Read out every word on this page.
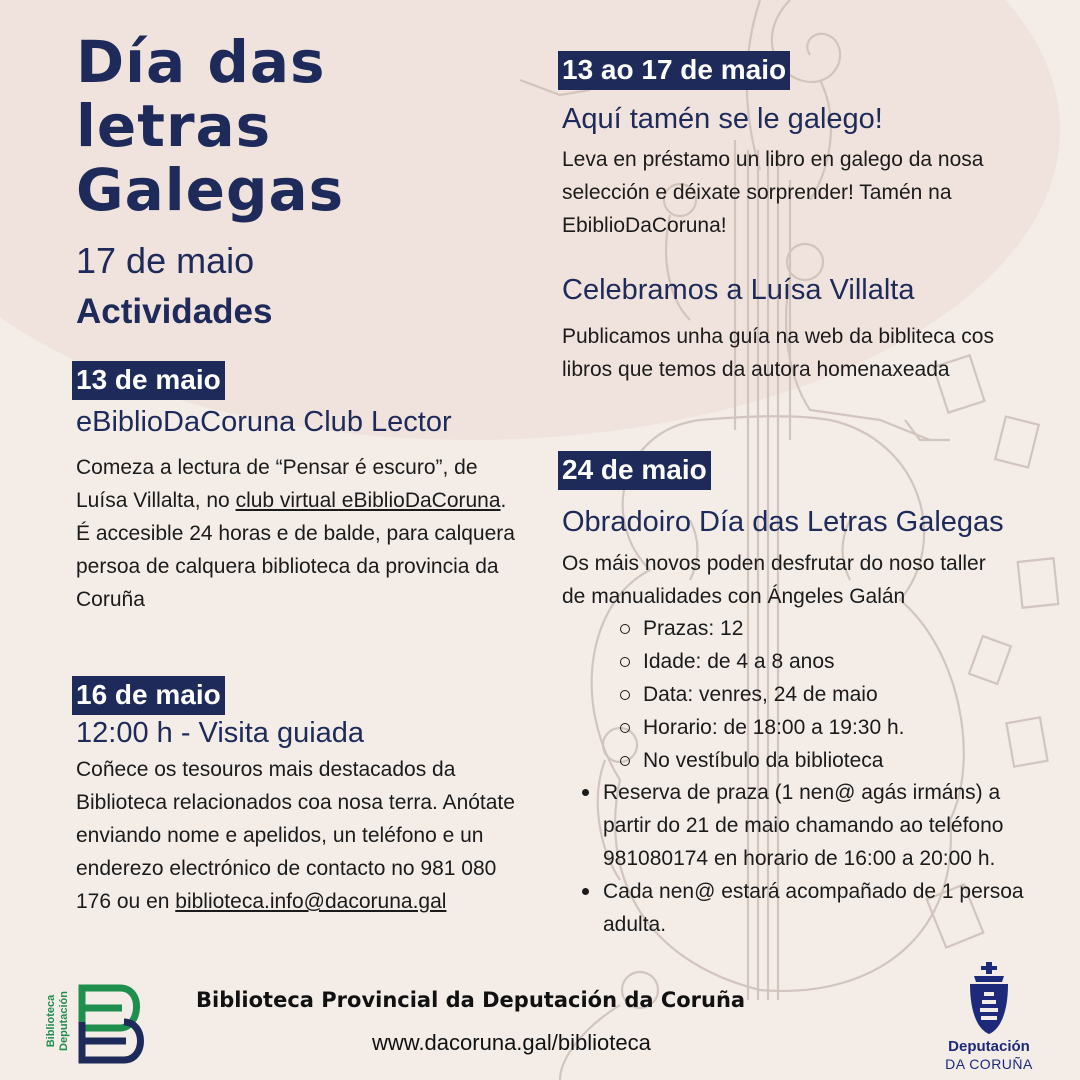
Día das
letras
Galegas
17 de maio
Actividades
13 de maio
eBiblioDaCoruna Club Lector
Comeza a lectura de “Pensar é escuro”, de Luísa Villalta, no club virtual eBiblioDaCoruna. É accesible 24 horas e de balde, para calquera persoa de calquera biblioteca da provincia da Coruña
16 de maio
12:00 h - Visita guiada
Coñece os tesouros mais destacados da Biblioteca relacionados coa nosa terra. Anótate enviando nome e apelidos, un teléfono e un enderezo electrónico de contacto no 981 080 176 ou en biblioteca.info@dacoruna.gal
13 ao 17 de maio
Aquí tamén se le galego!
Leva en préstamo un libro en galego da nosa selección e déixate sorprender! Tamén na EbiblioDaCoruna!
Celebramos a Luísa Villalta
Publicamos unha guía na web da bibliteca cos libros que temos da autora homenaxeada
24 de maio
Obradoiro Día das Letras Galegas
Os máis novos poden desfrutar do noso taller de manualidades con Ángeles Galán
Prazas: 12
Idade: de 4 a 8 anos
Data: venres, 24 de maio
Horario: de 18:00 a 19:30 h.
No vestíbulo da biblioteca
Reserva de praza (1 nen@ agás irmáns) a partir do 21 de maio chamando ao teléfono 981080174 en horario de 16:00 a 20:00 h.
Cada nen@ estará acompañado de 1 persoa adulta.
Biblioteca Deputación	Biblioteca Provincial da Deputación da Coruña
www.dacoruna.gal/biblioteca	Deputación
DA CORUÑA
